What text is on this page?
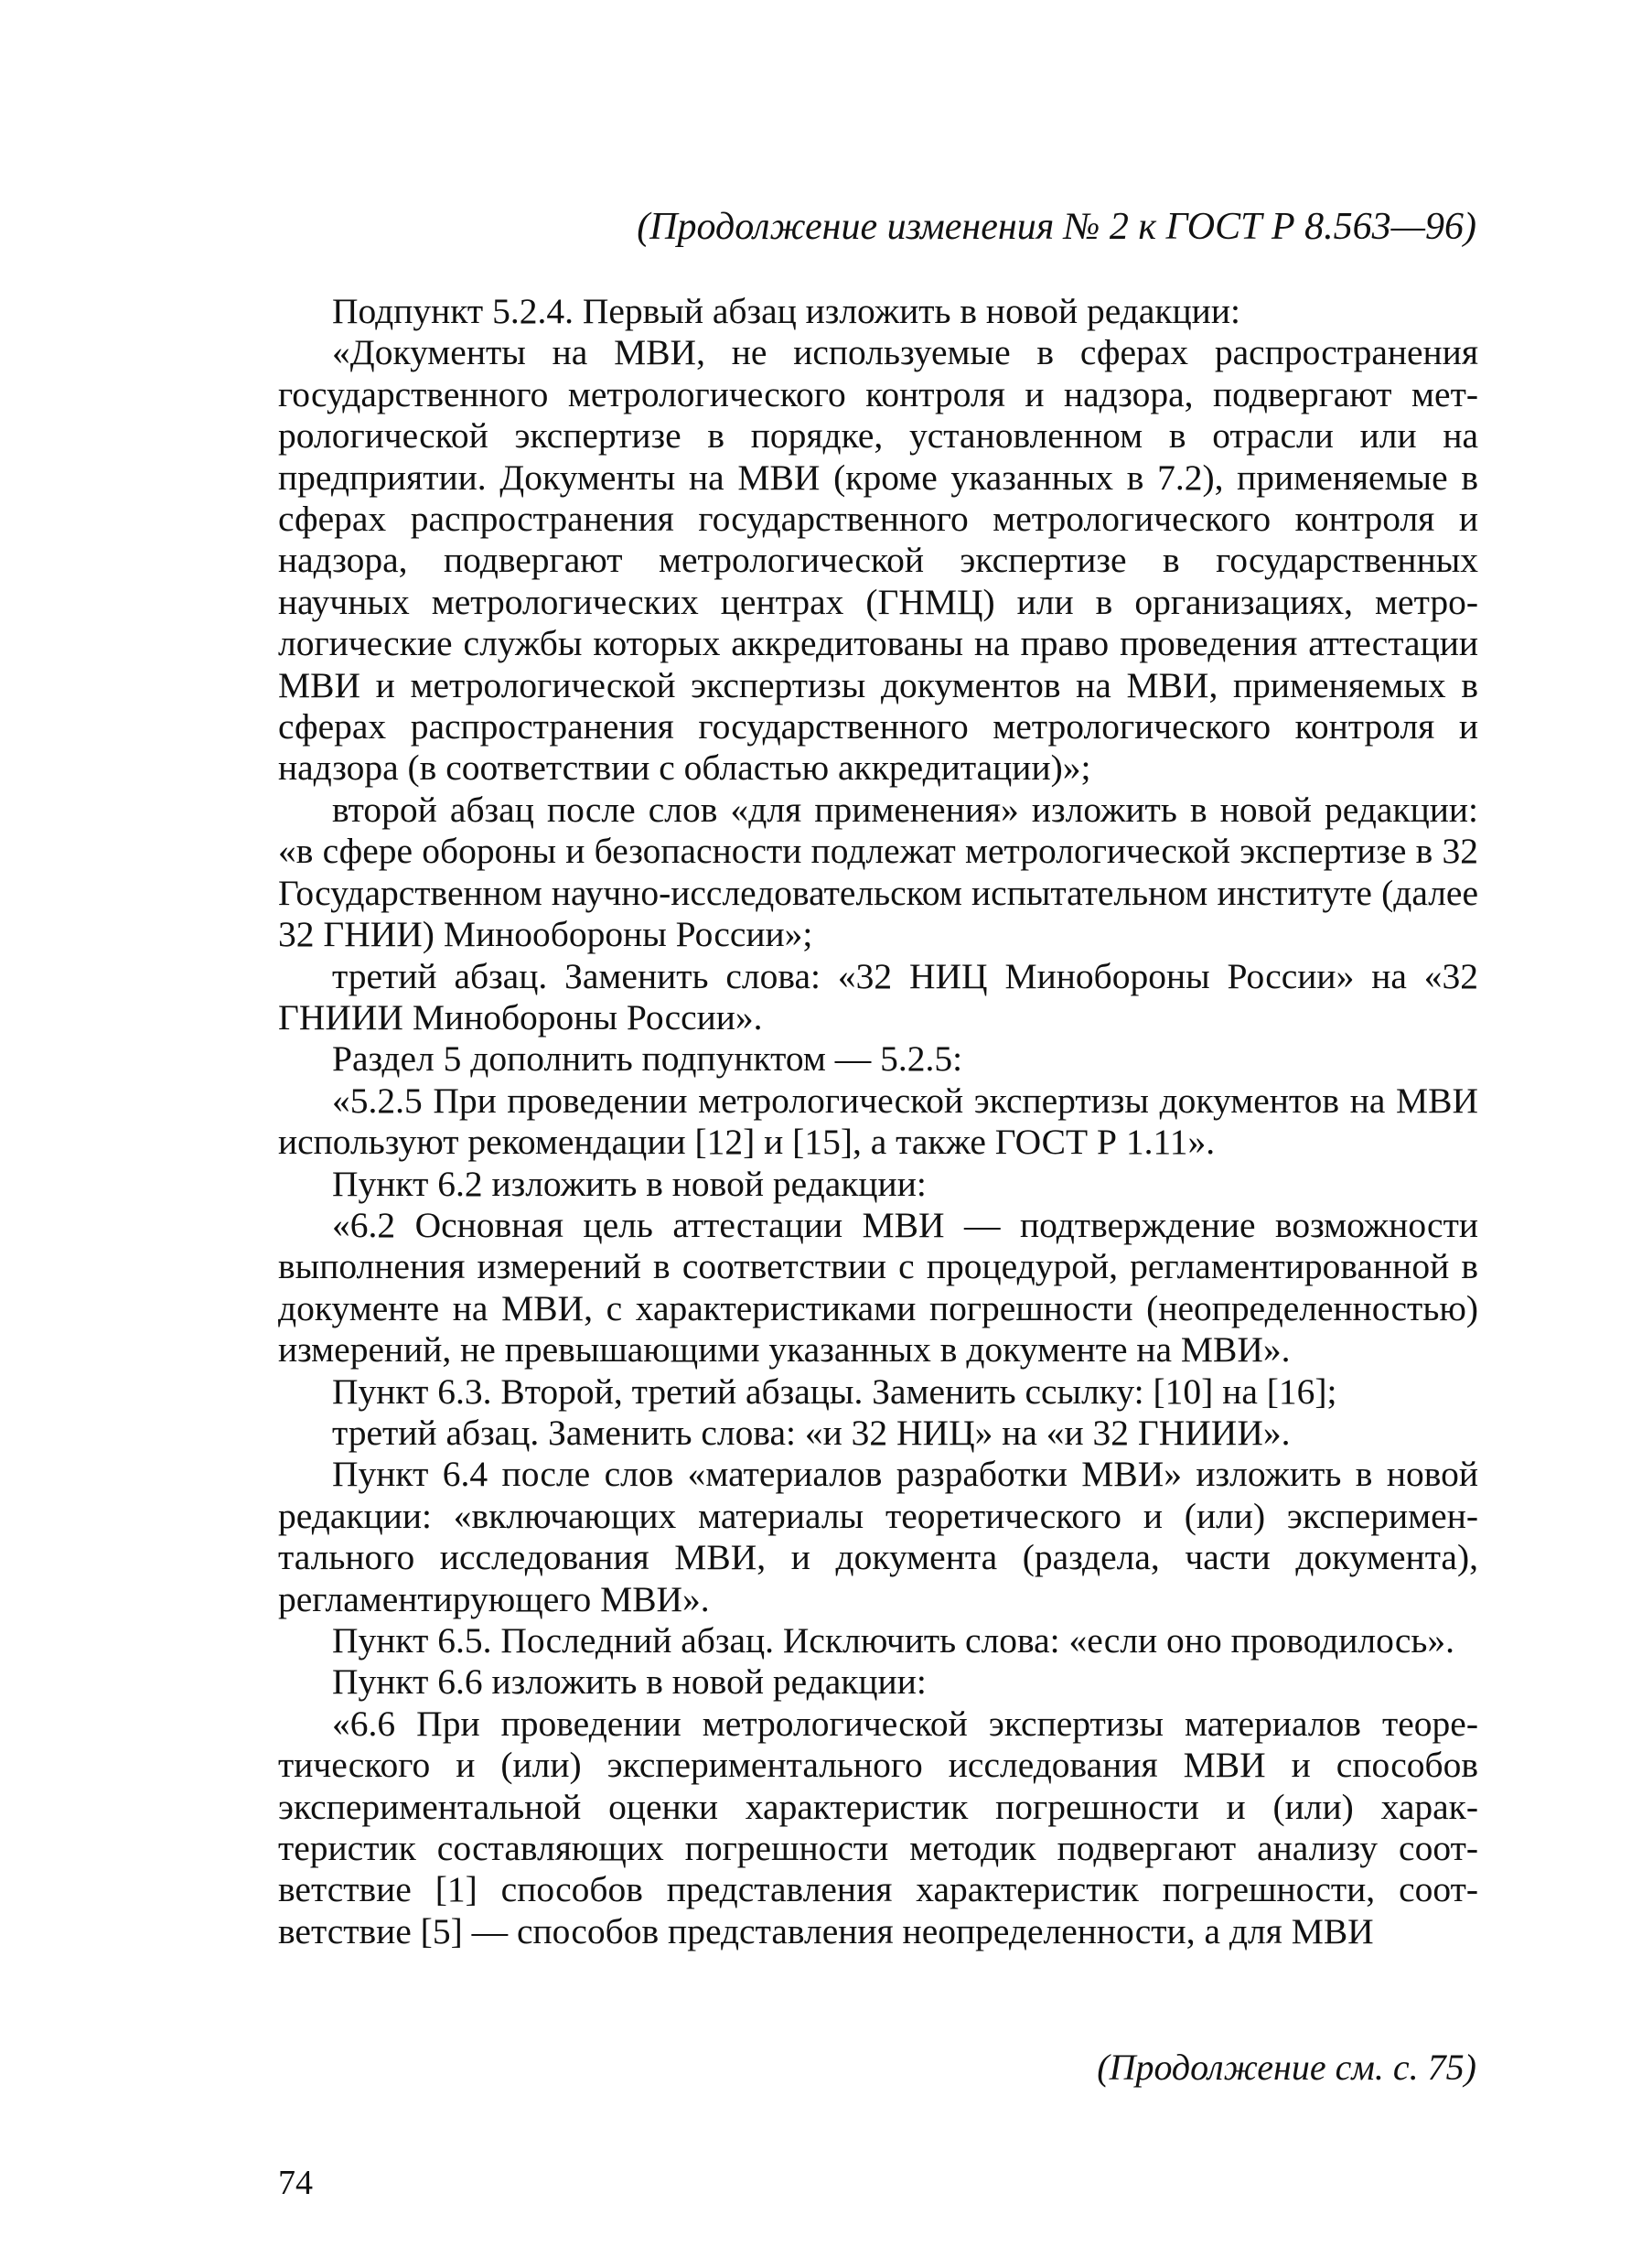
(Продолжение изменения № 2 к ГОСТ Р 8.563—96)

Подпункт 5.2.4. Первый абзац изложить в новой редакции:

«Документы на МВИ, не используемые в сферах распространения государственного метрологического контроля и надзора, подвергают метрологической экспертизе в порядке, установленном в отрасли или на предприятии. Документы на МВИ (кроме указанных в 7.2), применяемые в сферах распространения государственного метрологического контроля и надзора, подвергают метрологической экспертизе в государственных научных метрологических центрах (ГНМЦ) или в организациях, метрологические службы которых аккредитованы на право проведения аттестации МВИ и метрологической экспертизы документов на МВИ, применяемых в сферах распространения государственного метрологического контроля и надзора (в соответствии с областью аккредитации)»;

второй абзац после слов «для применения» изложить в новой редакции: «в сфере обороны и безопасности подлежат метрологической экспертизе в 32 Государственном научно-исследовательском испытательном институте (далее 32 ГНИИ) Минообороны России»;

третий абзац. Заменить слова: «32 НИЦ Минобороны России» на «32 ГНИИИ Минобороны России».

Раздел 5 дополнить подпунктом — 5.2.5:

«5.2.5 При проведении метрологической экспертизы документов на МВИ используют рекомендации [12] и [15], а также ГОСТ Р 1.11».

Пункт 6.2 изложить в новой редакции:

«6.2 Основная цель аттестации МВИ — подтверждение возможности выполнения измерений в соответствии с процедурой, регламентированной в документе на МВИ, с характеристиками погрешности (неопределенностью) измерений, не превышающими указанных в документе на МВИ».

Пункт 6.3. Второй, третий абзацы. Заменить ссылку: [10] на [16];

третий абзац. Заменить слова: «и 32 НИЦ» на «и 32 ГНИИИ».

Пункт 6.4 после слов «материалов разработки МВИ» изложить в новой редакции: «включающих материалы теоретического и (или) экспериментального исследования МВИ, и документа (раздела, части документа), регламентирующего МВИ».

Пункт 6.5. Последний абзац. Исключить слова: «если оно проводилось».

Пункт 6.6 изложить в новой редакции:

«6.6 При проведении метрологической экспертизы материалов теоретического и (или) экспериментального исследования МВИ и способов экспериментальной оценки характеристик погрешности и (или) характеристик составляющих погрешности методик подвергают анализу соответствие [1] способов представления характеристик погрешности, соответствие [5] — способов представления неопределенности, а для МВИ

(Продолжение см. с. 75)
74
